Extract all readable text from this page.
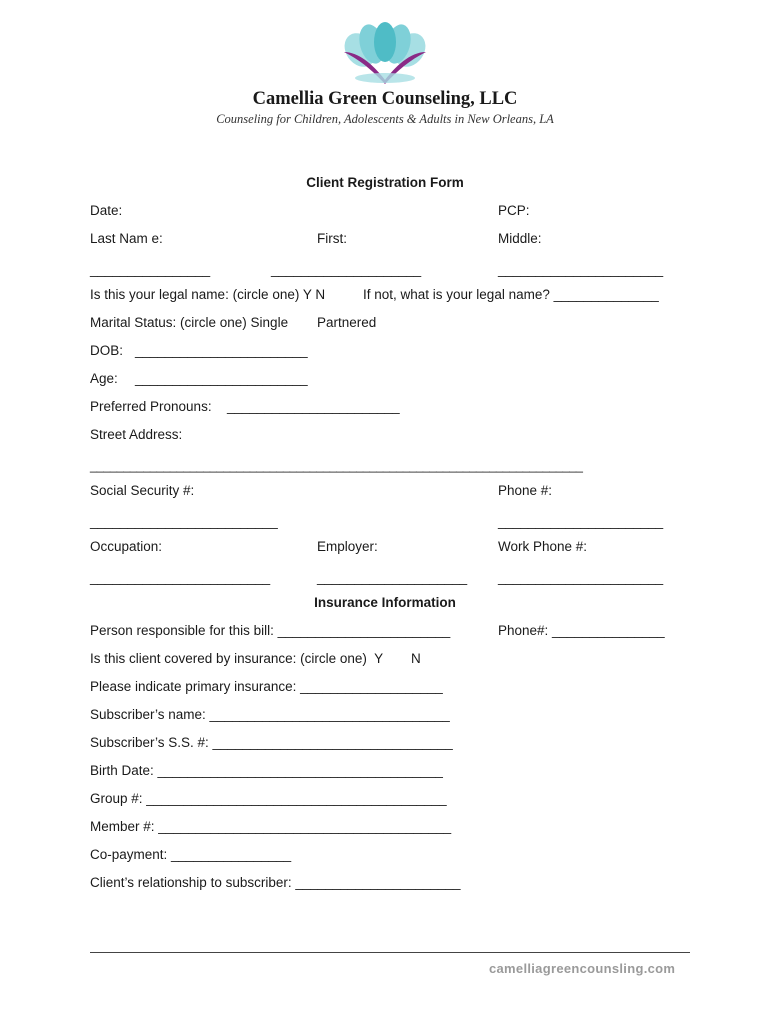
Camellia Green Counseling, LLC
Counseling for Children, Adolescents & Adults in New Orleans, LA
Client Registration Form
Date:	PCP:
Last Nam e:	First:	Middle:
________________	____________________	______________________
Is this your legal name: (circle one) Y N	If not, what is your legal name? ______________
Marital Status: (circle one) Single Partnered
DOB: _______________________
Age: _______________________
Preferred Pronouns: _______________________
Street Address:
__________________________________________________________________________
Social Security #:	Phone #:
_________________________	______________________
Occupation:	Employer:	Work Phone #:
________________________	____________________ ______________________
Insurance Information
Person responsible for this bill: _______________________	Phone#: _______________
Is this client covered by insurance: (circle one)  Y N
Please indicate primary insurance: ___________________
Subscriber’s name: ________________________________
Subscriber’s S.S. #: ________________________________
Birth Date: ______________________________________
Group #: ________________________________________
Member #: _______________________________________
Co-payment: ________________
Client’s relationship to subscriber: ______________________
camelliagreencounsling.com
